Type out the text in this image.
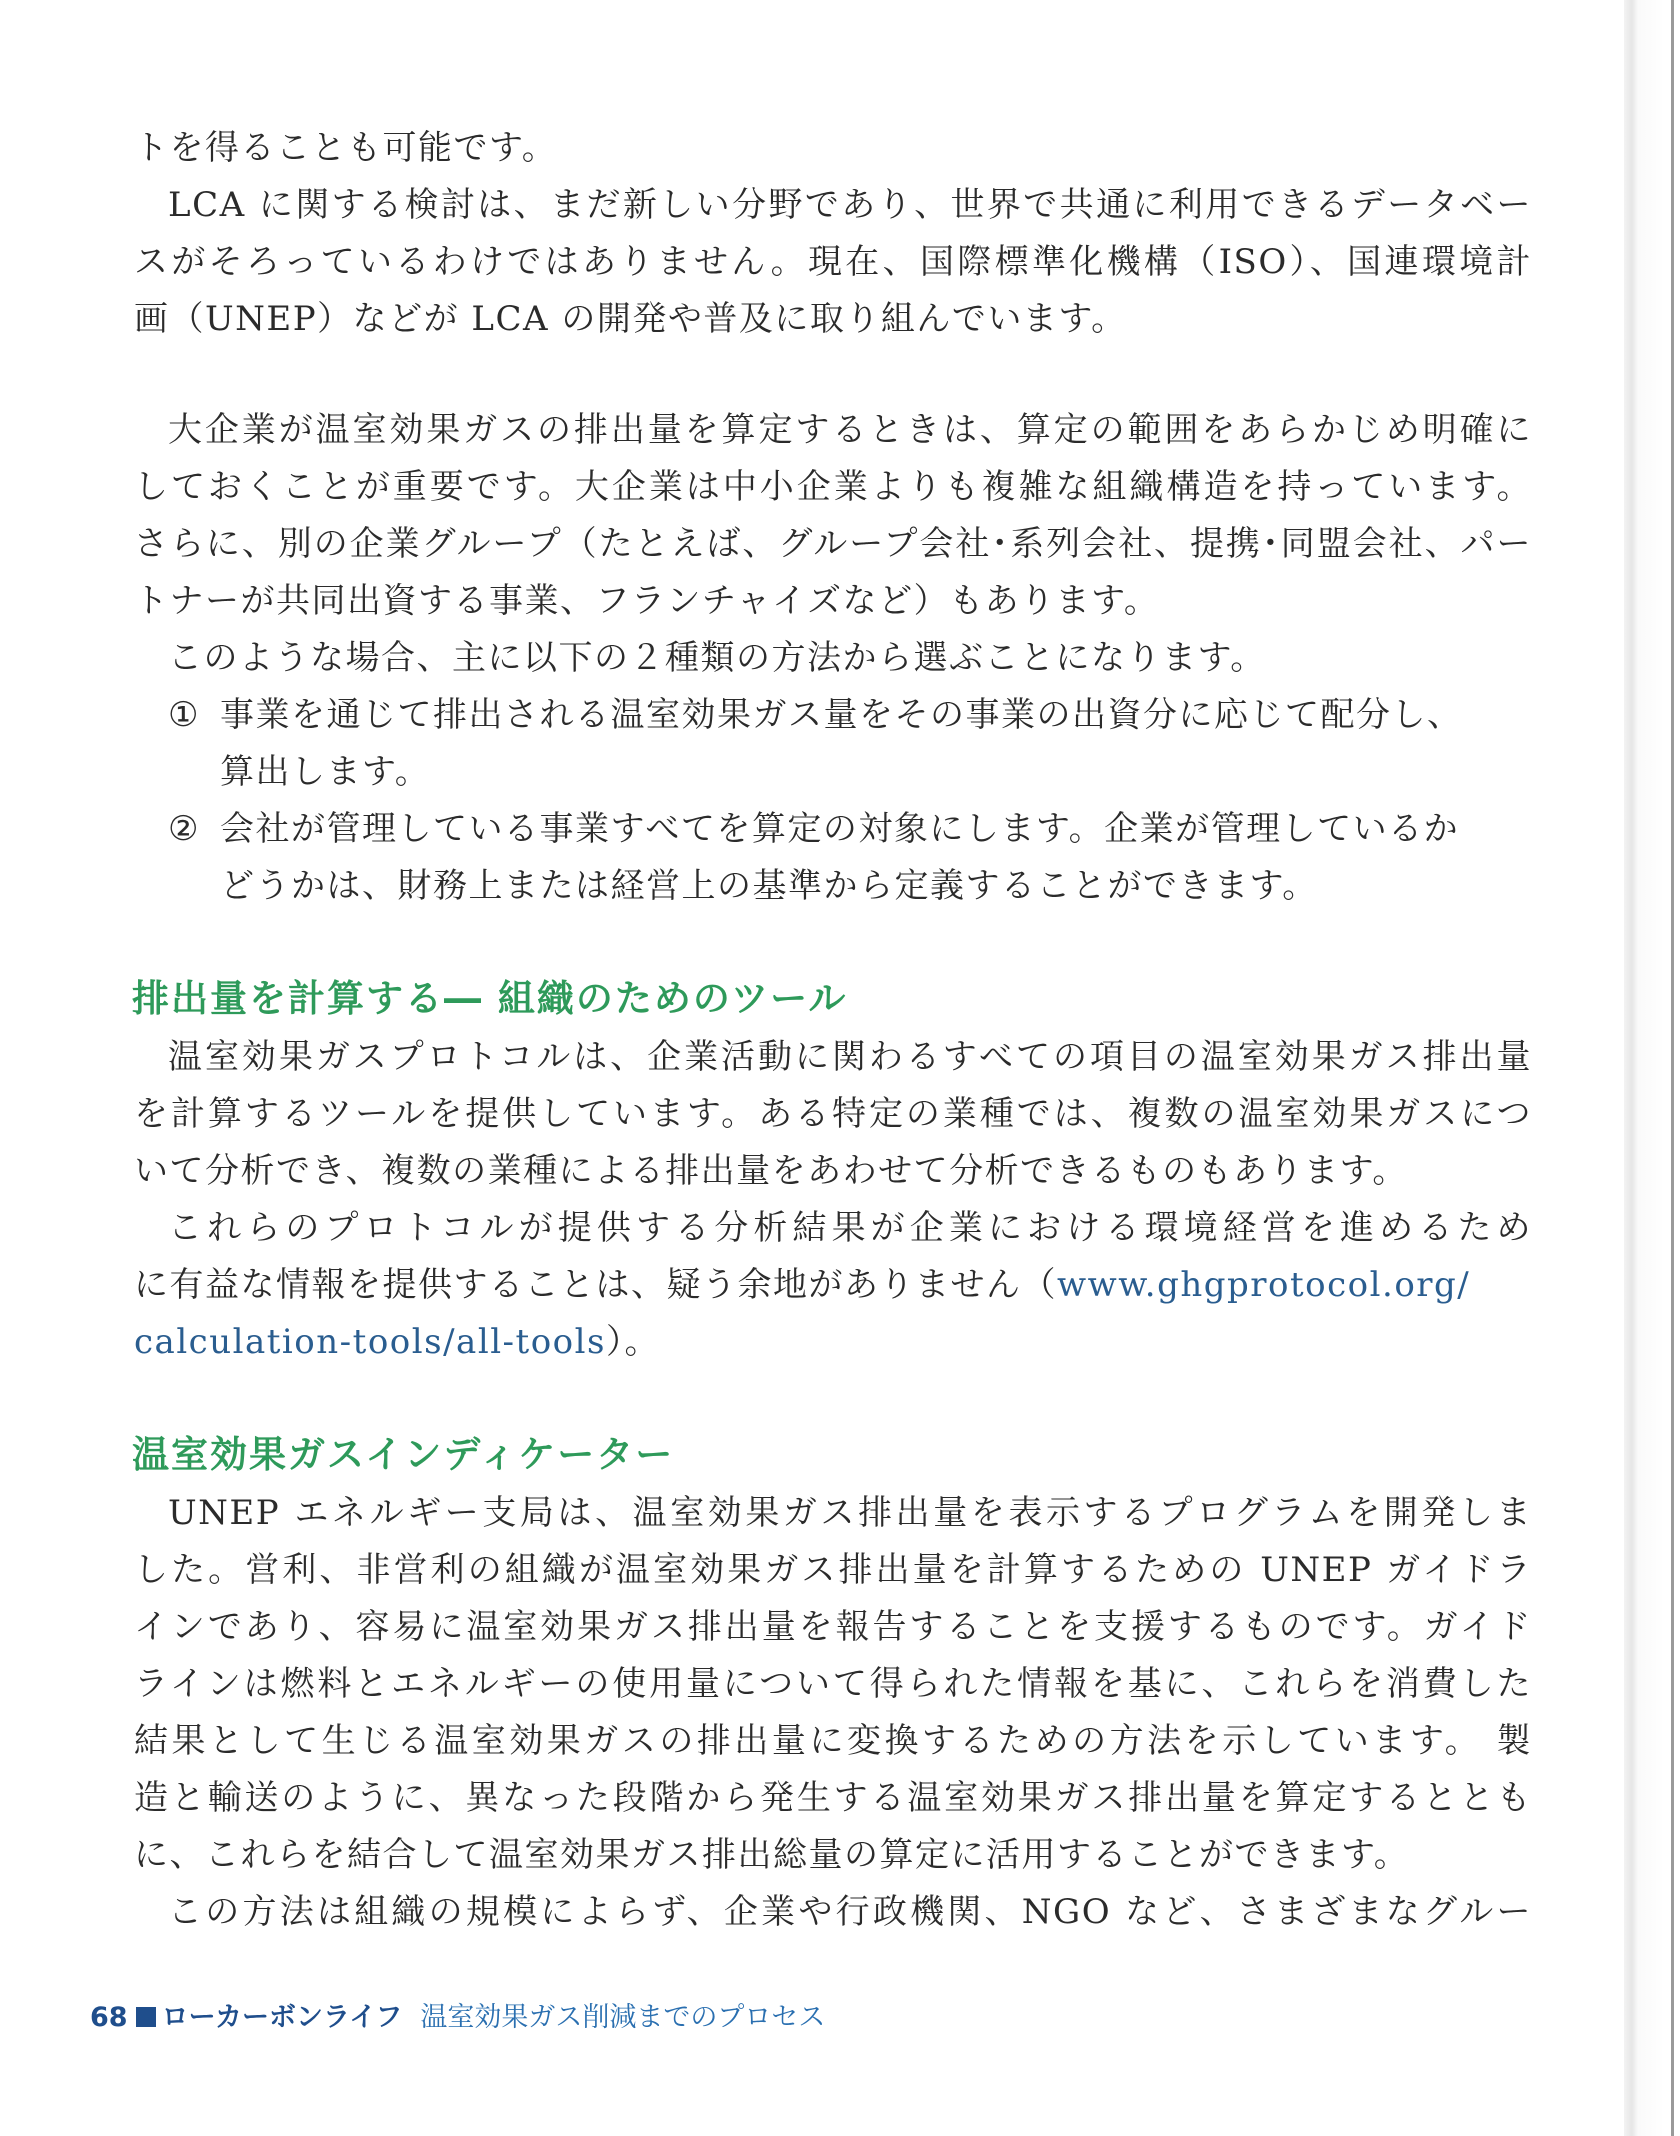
トを得ることも可能です。
LCA に関する検討は、まだ新しい分野であり、世界で共通に利用できるデータベー
スがそろっているわけではありません。現在、国際標準化機構（ISO）、国連環境計
画（UNEP）などが LCA の開発や普及に取り組んでいます。
大企業が温室効果ガスの排出量を算定するときは、算定の範囲をあらかじめ明確に
しておくことが重要です。大企業は中小企業よりも複雑な組織構造を持っています。
さらに、別の企業グループ（たとえば、グループ会社･系列会社、提携･同盟会社、パー
トナーが共同出資する事業、フランチャイズなど）もあります。
このような場合、主に以下の２種類の方法から選ぶことになります。
① 事業を通じて排出される温室効果ガス量をその事業の出資分に応じて配分し、
算出します。
② 会社が管理している事業すべてを算定の対象にします。企業が管理しているか
どうかは、財務上または経営上の基準から定義することができます。
排出量を計算する― 組織のためのツール
温室効果ガスプロトコルは、企業活動に関わるすべての項目の温室効果ガス排出量
を計算するツールを提供しています。ある特定の業種では、複数の温室効果ガスにつ
いて分析でき、複数の業種による排出量をあわせて分析できるものもあります。
これらのプロトコルが提供する分析結果が企業における環境経営を進めるため
に有益な情報を提供することは、疑う余地がありません（www.ghgprotocol.org/
calculation-tools/all-tools）。
温室効果ガスインディケーター
UNEP エネルギー支局は、温室効果ガス排出量を表示するプログラムを開発しま
した。営利、非営利の組織が温室効果ガス排出量を計算するための UNEP ガイドラ
インであり、容易に温室効果ガス排出量を報告することを支援するものです。ガイド
ラインは燃料とエネルギーの使用量について得られた情報を基に、これらを消費した
結果として生じる温室効果ガスの排出量に変換するための方法を示しています。 製
造と輸送のように、異なった段階から発生する温室効果ガス排出量を算定するととも
に、これらを結合して温室効果ガス排出総量の算定に活用することができます。
この方法は組織の規模によらず、企業や行政機関、NGO など、さまざまなグルー
68 ローカーボンライフ 温室効果ガス削減までのプロセス
